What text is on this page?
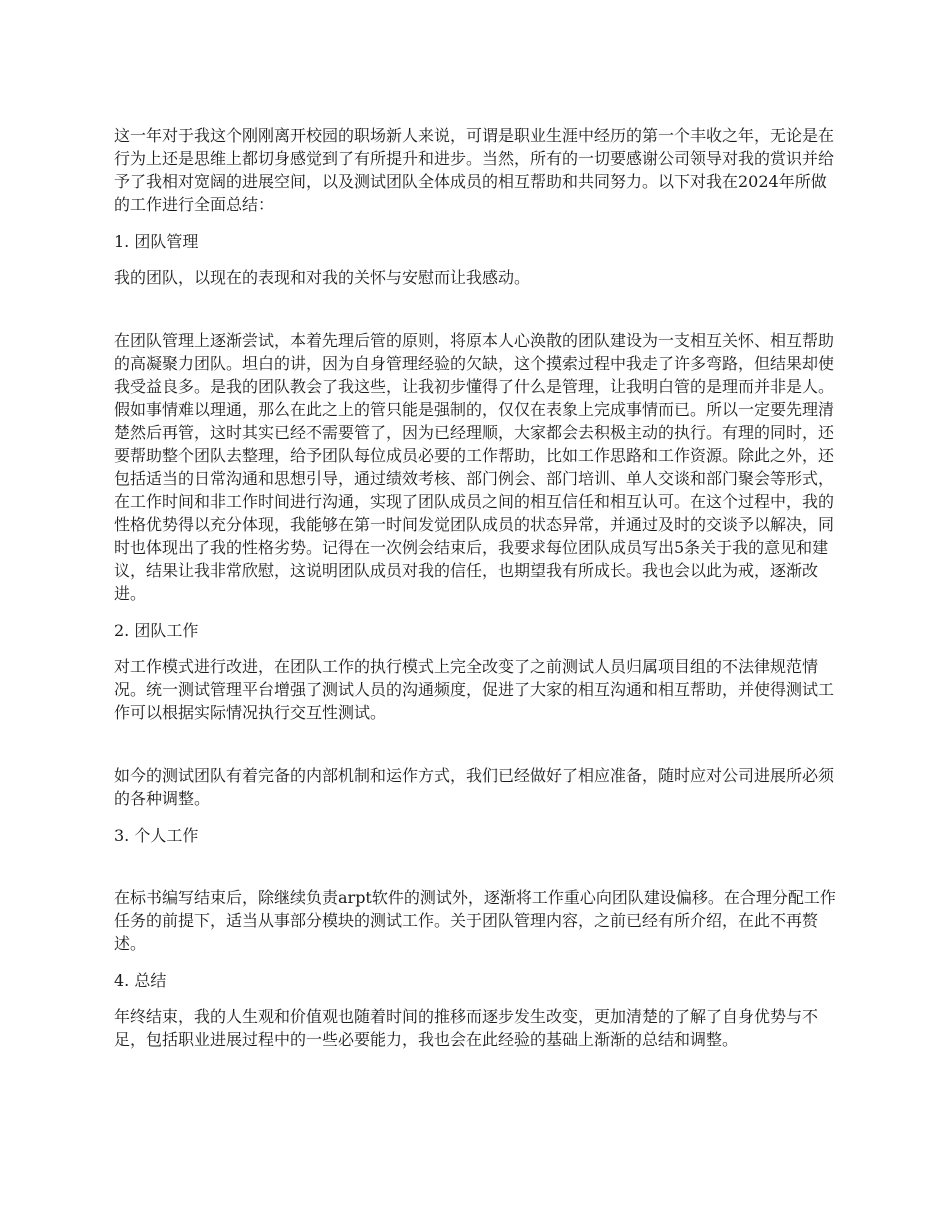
这一年对于我这个刚刚离开校园的职场新人来说，可谓是职业生涯中经历的第一个丰收之年，无论是在行为上还是思维上都切身感觉到了有所提升和进步。当然，所有的一切要感谢公司领导对我的赏识并给予了我相对宽阔的进展空间，以及测试团队全体成员的相互帮助和共同努力。以下对我在2024年所做的工作进行全面总结：

1. 团队管理

我的团队，以现在的表现和对我的关怀与安慰而让我感动。

在团队管理上逐渐尝试，本着先理后管的原则，将原本人心涣散的团队建设为一支相互关怀、相互帮助的高凝聚力团队。坦白的讲，因为自身管理经验的欠缺，这个摸索过程中我走了许多弯路，但结果却使我受益良多。是我的团队教会了我这些，让我初步懂得了什么是管理，让我明白管的是理而并非是人。假如事情难以理通，那么在此之上的管只能是强制的，仅仅在表象上完成事情而已。所以一定要先理清楚然后再管，这时其实已经不需要管了，因为已经理顺，大家都会去积极主动的执行。有理的同时，还要帮助整个团队去整理，给予团队每位成员必要的工作帮助，比如工作思路和工作资源。除此之外，还包括适当的日常沟通和思想引导，通过绩效考核、部门例会、部门培训、单人交谈和部门聚会等形式，在工作时间和非工作时间进行沟通，实现了团队成员之间的相互信任和相互认可。在这个过程中，我的性格优势得以充分体现，我能够在第一时间发觉团队成员的状态异常，并通过及时的交谈予以解决，同时也体现出了我的性格劣势。记得在一次例会结束后，我要求每位团队成员写出5条关于我的意见和建议，结果让我非常欣慰，这说明团队成员对我的信任，也期望我有所成长。我也会以此为戒，逐渐改进。

2. 团队工作

对工作模式进行改进，在团队工作的执行模式上完全改变了之前测试人员归属项目组的不法律规范情况。统一测试管理平台增强了测试人员的沟通频度，促进了大家的相互沟通和相互帮助，并使得测试工作可以根据实际情况执行交互性测试。

如今的测试团队有着完备的内部机制和运作方式，我们已经做好了相应准备，随时应对公司进展所必须的各种调整。

3. 个人工作

在标书编写结束后，除继续负责arpt软件的测试外，逐渐将工作重心向团队建设偏移。在合理分配工作任务的前提下，适当从事部分模块的测试工作。关于团队管理内容，之前已经有所介绍，在此不再赘述。

4. 总结

年终结束，我的人生观和价值观也随着时间的推移而逐步发生改变，更加清楚的了解了自身优势与不足，包括职业进展过程中的一些必要能力，我也会在此经验的基础上渐渐的总结和调整。
